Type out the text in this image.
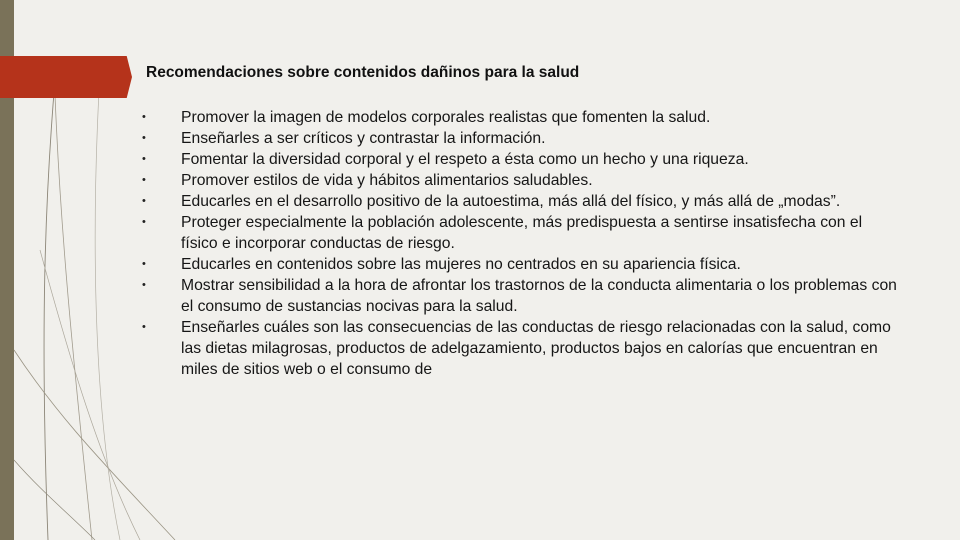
Recomendaciones sobre contenidos dañinos para la salud
•	Promover la imagen de modelos corporales realistas que fomenten la salud.
•	Enseñarles a ser críticos y contrastar la información.
•	Fomentar la diversidad corporal y el respeto a ésta como un hecho y una riqueza.
•	Promover estilos de vida y hábitos alimentarios saludables.
•	Educarles en el desarrollo positivo de la autoestima, más allá del físico, y más allá de „modas”.
•	Proteger especialmente la población adolescente, más predispuesta a sentirse insatisfecha con el físico e incorporar conductas de riesgo.
•	Educarles en contenidos sobre las mujeres no centrados en su apariencia física.
•	Mostrar sensibilidad a la hora de afrontar los trastornos de la conducta alimentaria o los problemas con el consumo de sustancias nocivas para la salud.
•	Enseñarles cuáles son las consecuencias de las conductas de riesgo relacionadas con la salud, como las dietas milagrosas, productos de adelgazamiento, productos bajos en calorías que encuentran en miles de sitios web o el consumo de
